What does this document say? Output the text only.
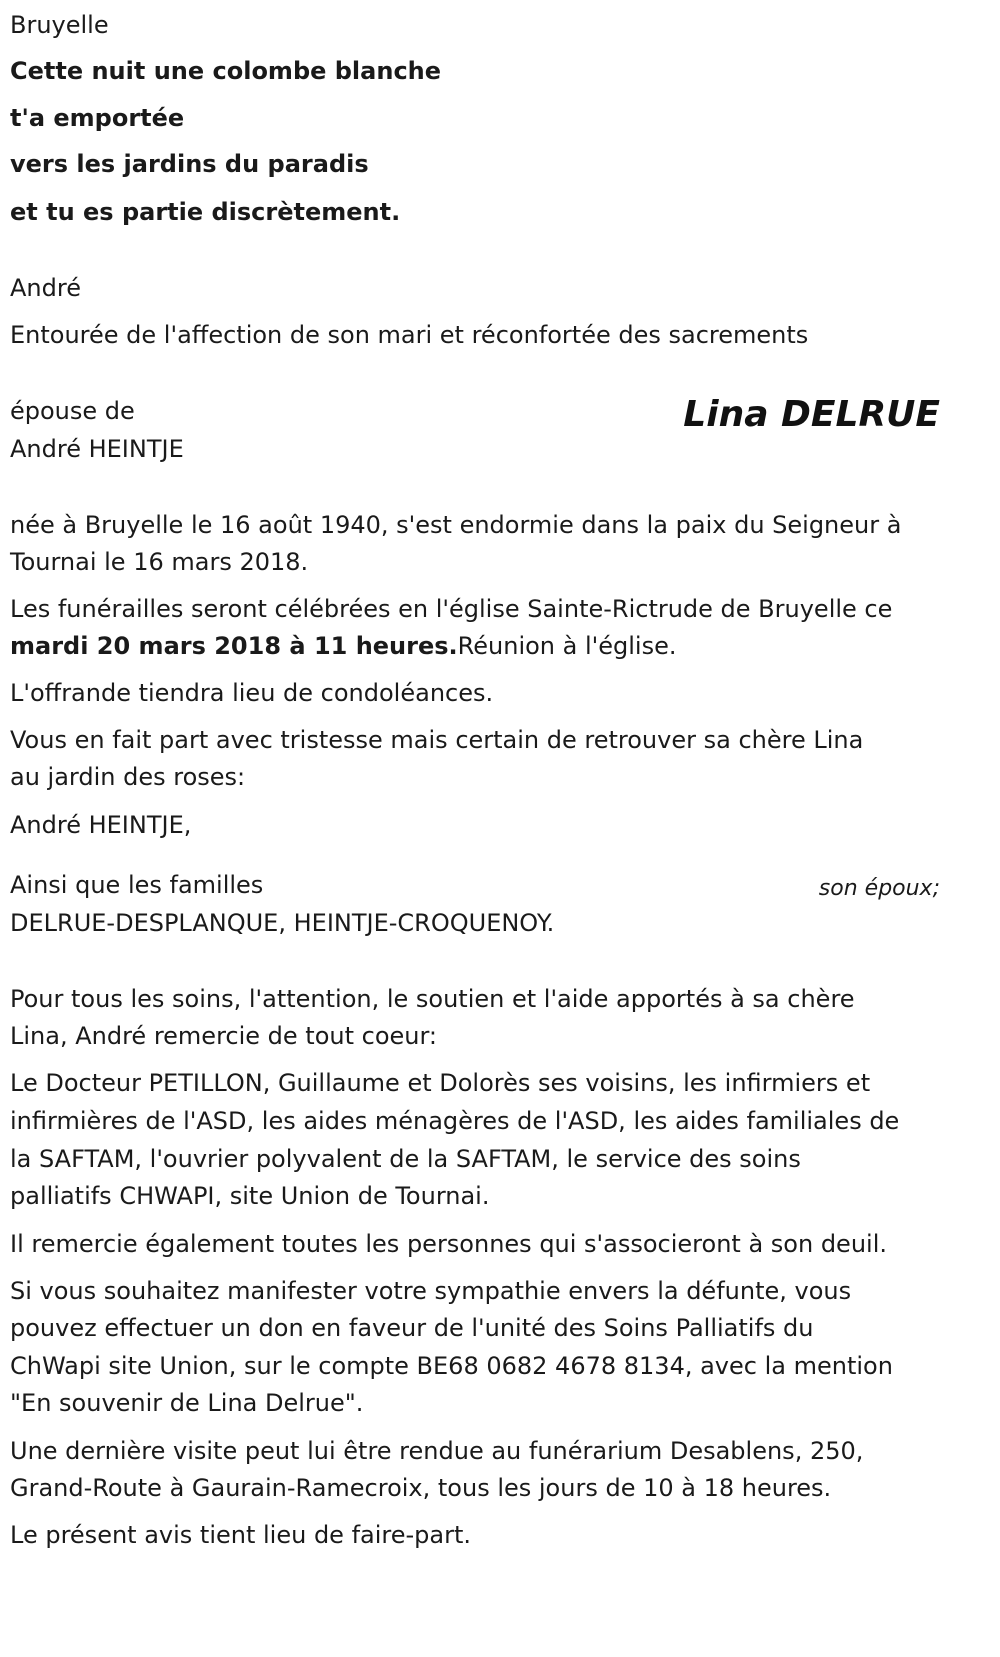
Bruyelle

Cette nuit une colombe blanche

t'a emportée

vers les jardins du paradis

et tu es partie discrètement.

André

Entourée de l'affection de son mari et réconfortée des sacrements

épouse de

André HEINTJE

Lina DELRUE

née à Bruyelle le 16 août 1940, s'est endormie dans la paix du Seigneur à

Tournai le 16 mars 2018.

Les funérailles seront célébrées en l'église Sainte-Rictrude de Bruyelle ce

mardi 20 mars 2018 à 11 heures.Réunion à l'église.

L'offrande tiendra lieu de condoléances.

Vous en fait part avec tristesse mais certain de retrouver sa chère Lina

au jardin des roses:

André HEINTJE,

son époux;

Ainsi que les familles

DELRUE-DESPLANQUE, HEINTJE-CROQUENOY.

Pour tous les soins, l'attention, le soutien et l'aide apportés à sa chère

Lina, André remercie de tout coeur:

Le Docteur PETILLON, Guillaume et Dolorès ses voisins, les infirmiers et

infirmières de l'ASD, les aides ménagères de l'ASD, les aides familiales de

la SAFTAM, l'ouvrier polyvalent de la SAFTAM, le service des soins

palliatifs CHWAPI, site Union de Tournai.

Il remercie également toutes les personnes qui s'associeront à son deuil.

Si vous souhaitez manifester votre sympathie envers la défunte, vous

pouvez effectuer un don en faveur de l'unité des Soins Palliatifs du

ChWapi site Union, sur le compte BE68 0682 4678 8134, avec la mention

"En souvenir de Lina Delrue".

Une dernière visite peut lui être rendue au funérarium Desablens, 250,

Grand-Route à Gaurain-Ramecroix, tous les jours de 10 à 18 heures.

Le présent avis tient lieu de faire-part.
